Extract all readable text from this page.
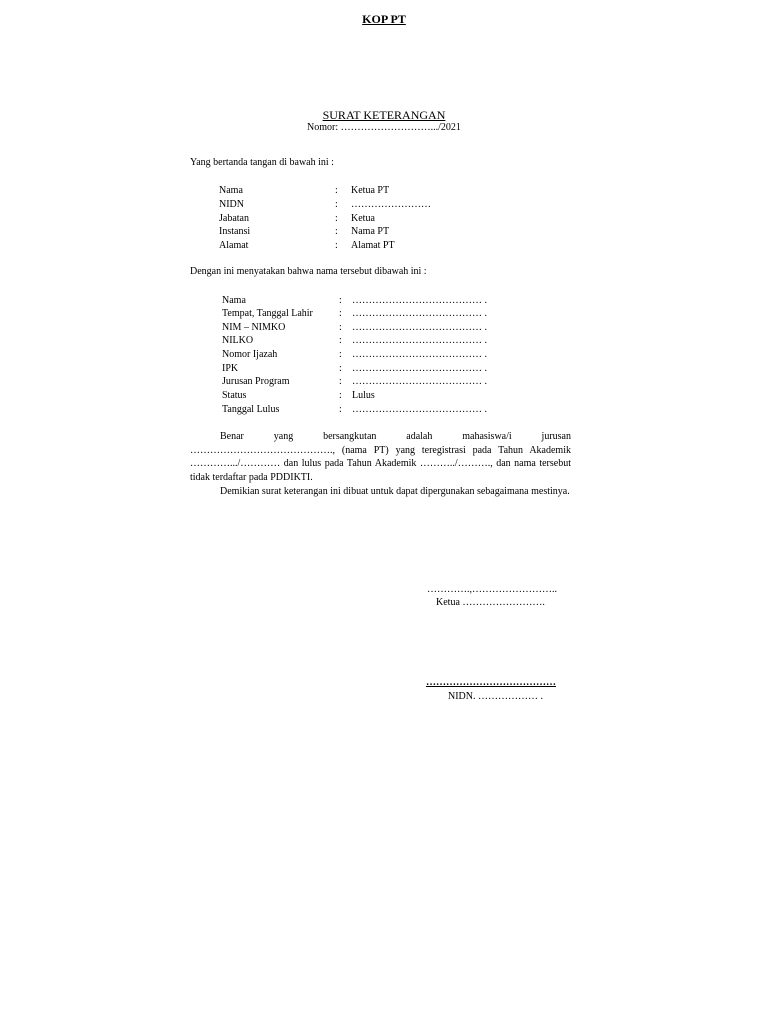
KOP PT
SURAT KETERANGAN
Nomor: ……………………….../2021
Yang bertanda tangan di bawah ini :
Nama	: Ketua PT
NIDN	: ……………………
Jabatan	: Ketua
Instansi	: Nama PT
Alamat	: Alamat PT
Dengan ini menyatakan bahwa nama tersebut dibawah ini :
Nama	: ………………………………… .
Tempat, Tanggal Lahir	: ………………………………… .
NIM – NIMKO	: ………………………………… .
NILKO	: ………………………………… .
Nomor Ijazah	: ………………………………… .
IPK	: ………………………………… .
Jurusan Program	: ………………………………… .
Status	: Lulus
Tanggal Lulus	: ………………………………… .
Benar yang bersangkutan adalah mahasiswa/i jurusan ……………………………………., (nama PT) yang teregistrasi pada Tahun Akademik ………….../………… dan lulus pada Tahun Akademik ………../………., dan nama tersebut tidak terdaftar pada PDDIKTI.
Demikian surat keterangan ini dibuat untuk dapat dipergunakan sebagaimana mestinya.
………….,……………………..
Ketua …………………….
…………………………………
NIDN. ……………… .
